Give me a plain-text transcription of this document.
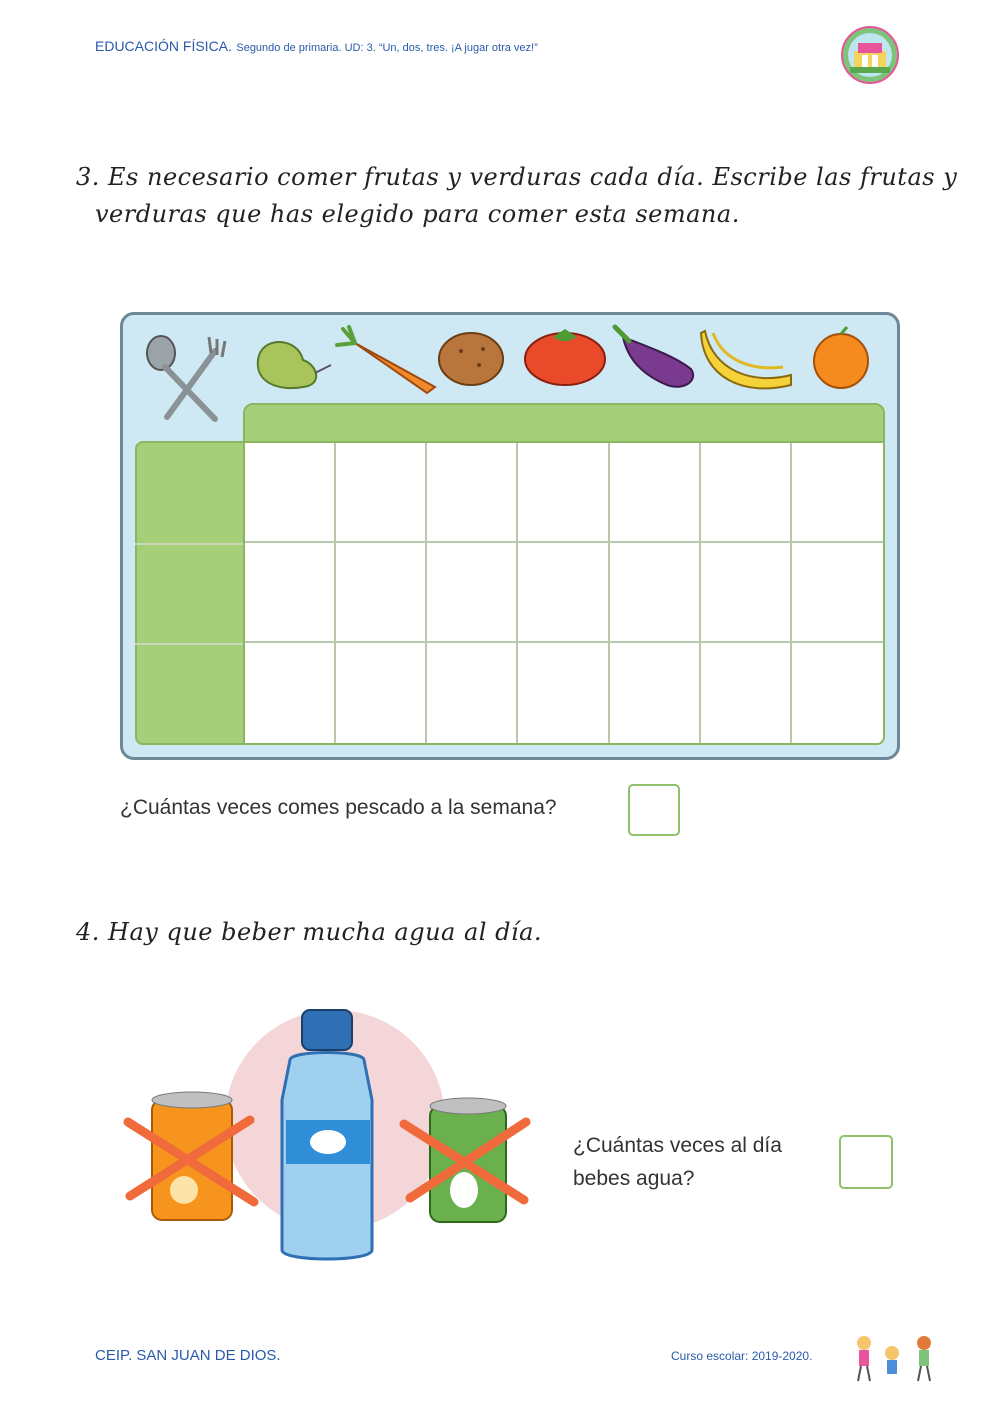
EDUCACIÓN FÍSICA. Segundo de primaria. UD: 3. “Un, dos, tres. ¡A jugar otra vez!”
3. Es necesario comer frutas y verduras cada día. Escribe las frutas y
verduras que has elegido para comer esta semana.
¿Cuántas veces comes pescado a la semana?
4. Hay que beber mucha agua al día.
¿Cuántas veces al día
bebes agua?
CEIP. SAN JUAN DE DIOS.	Curso escolar: 2019-2020.
